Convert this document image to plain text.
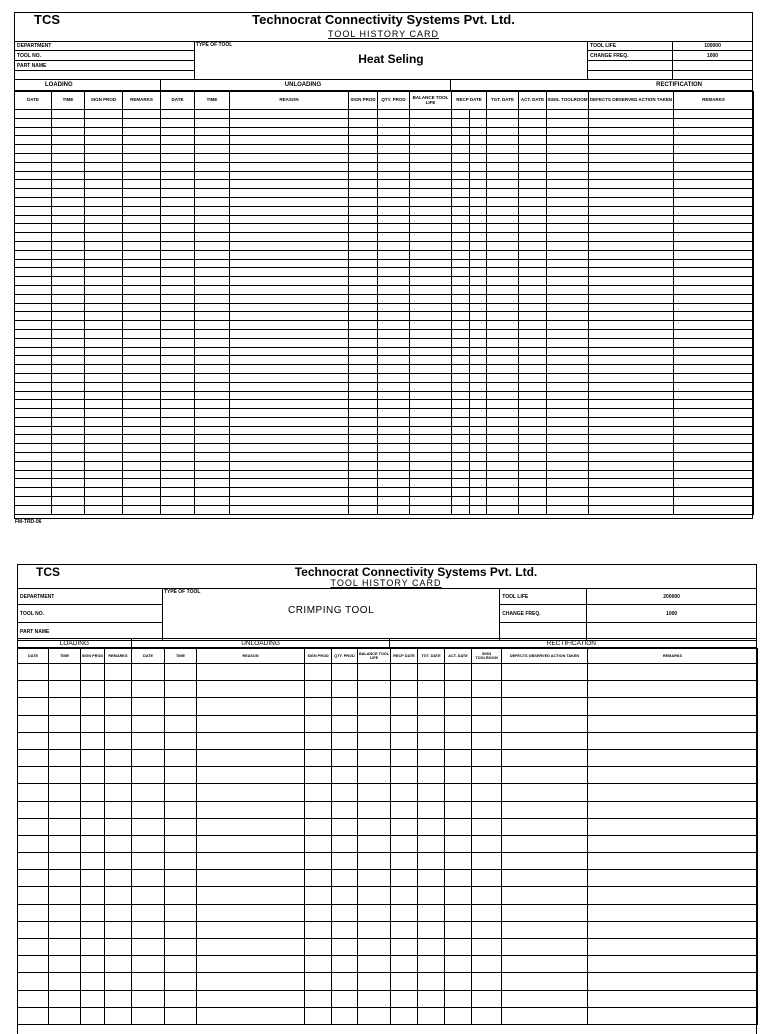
TCS	Technocrat Connectivity Systems Pvt. Ltd.
TOOL HISTORY CARD
DEPARTMENT	TYPE OF TOOL
Heat Seling	TOOL LIFE	100000
TOOL NO.		CHANGE FREQ.	1000
PART NAME			

LOADING	UNLOADING	RECTIFICATION
DATE	TIME	SIGN PROD	REMARKS	DATE	TIME	REASON	SIGN PROD	QTY. PROD	BALANCE TOOL LIFE	RECP DATE		TGT. DATE	ACT. DATE	SIGN. TOOLROOM	DEFECTS OBSERVED ACTION TAKEN	REMARKS

FM-TRD-06
TCS	Technocrat Connectivity Systems Pvt. Ltd.
TOOL HISTORY CARD
DEPARTMENT	TYPE OF TOOL
CRIMPING TOOL	TOOL LIFE	200000
TOOL NO.		CHANGE FREQ.	1000
PART NAME			
LOADING	UNLOADING	RECTIFICATION
DATE	TIME	SIGN PROD	REMARKS	DATE	TIME	REASON	SIGN PROD	QTY. PROD	BALANCE TOOL LIFE	RECP DATE	TGT. DATE	ACT. DATE	SIGN TOOLROOM	DEFECTS OBSERVED ACTION TAKEN	REMARKS
